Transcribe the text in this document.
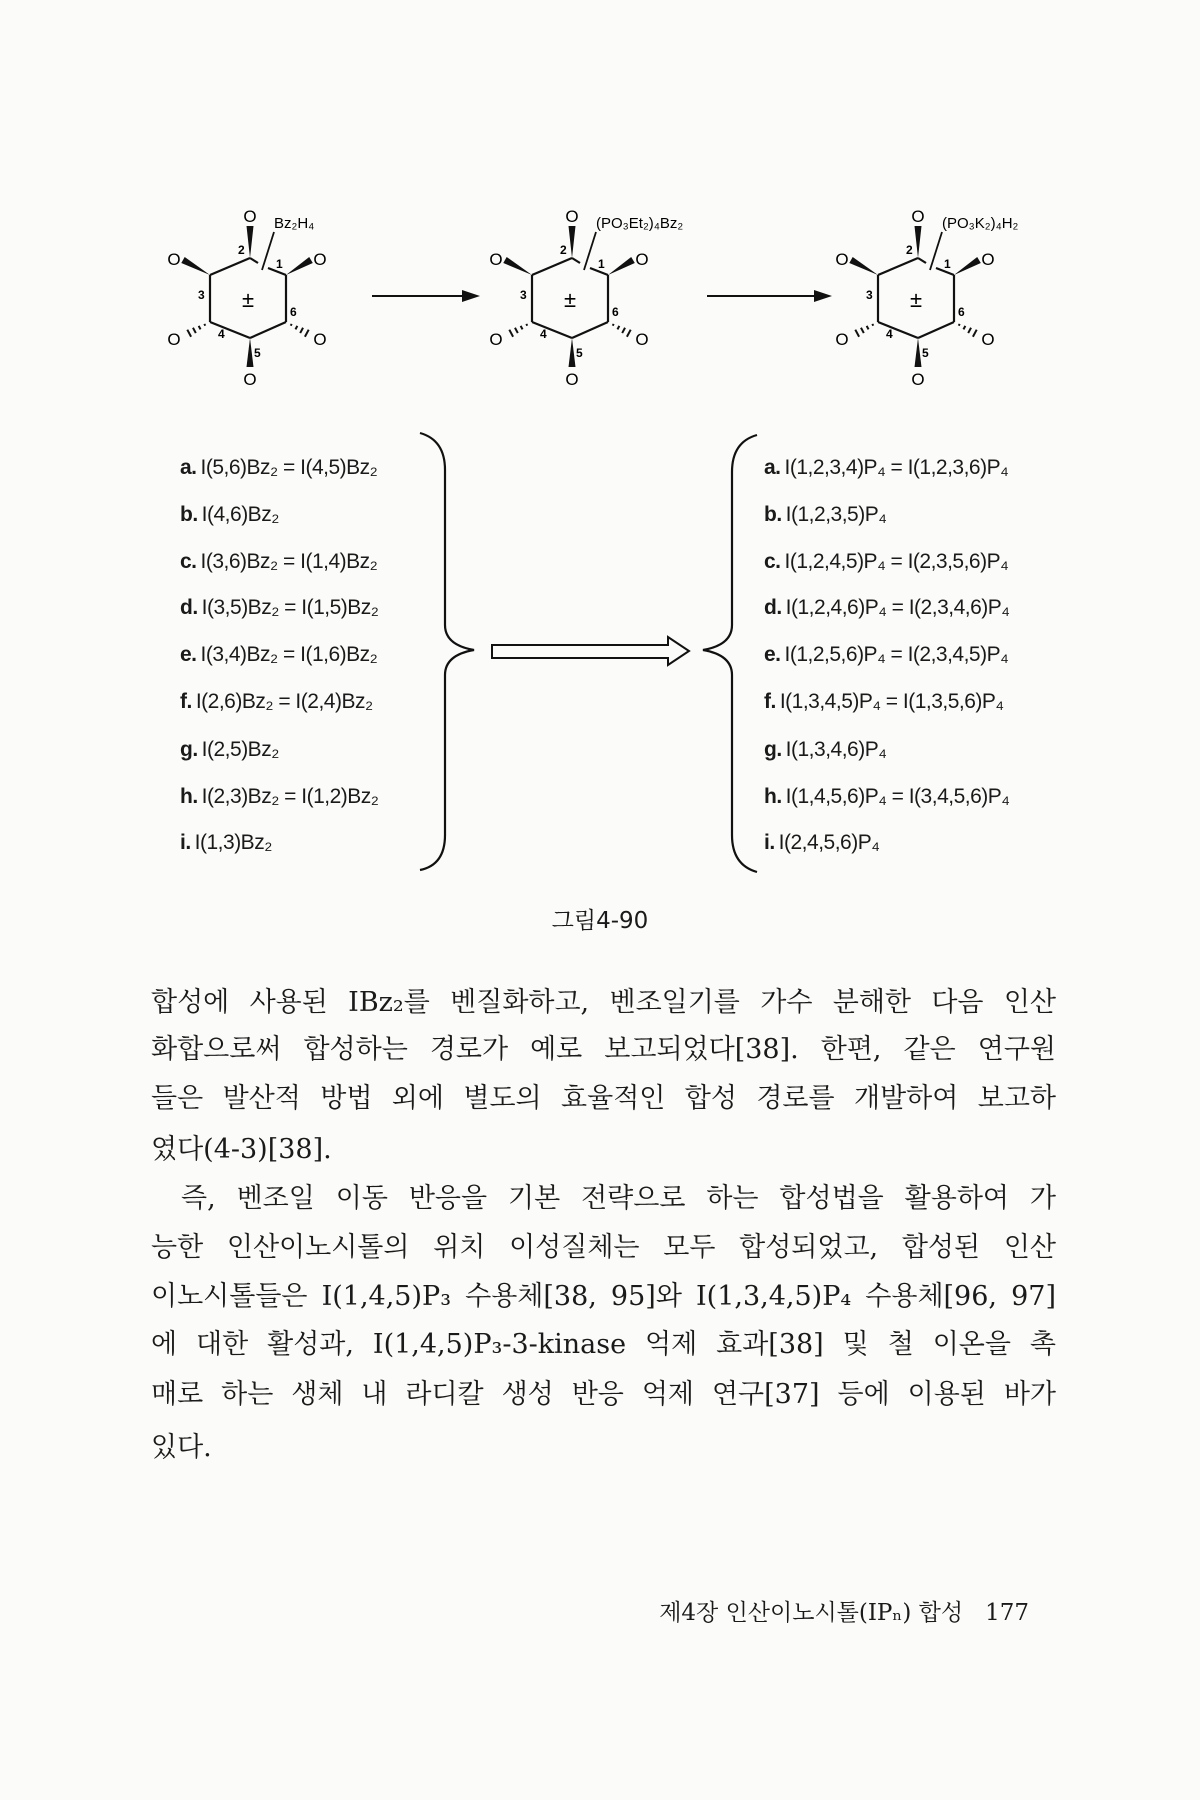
O
O	O
O	O
O
Bz₂H₄
1
2
3
4
5
6
±
O
O	O
O	O
O
(PO₃Et₂)₄Bz₂
1
2
3
4
5
6
±
O
O	O
O	O
O
(PO₃K₂)₄H₂
1
2
3
4
5
6
±
a. I(5,6)Bz₂ = I(4,5)Bz₂
b. I(4,6)Bz₂
c. I(3,6)Bz₂ = I(1,4)Bz₂
d. I(3,5)Bz₂ = I(1,5)Bz₂
e. I(3,4)Bz₂ = I(1,6)Bz₂
f. I(2,6)Bz₂ = I(2,4)Bz₂
g. I(2,5)Bz₂
h. I(2,3)Bz₂ = I(1,2)Bz₂
i. I(1,3)Bz₂
a. I(1,2,3,4)P₄ = I(1,2,3,6)P₄
b. I(1,2,3,5)P₄
c. I(1,2,4,5)P₄ = I(2,3,5,6)P₄
d. I(1,2,4,6)P₄ = I(2,3,4,6)P₄
e. I(1,2,5,6)P₄ = I(2,3,4,5)P₄
f. I(1,3,4,5)P₄ = I(1,3,5,6)P₄
g. I(1,3,4,6)P₄
h. I(1,4,5,6)P₄ = I(3,4,5,6)P₄
i. I(2,4,5,6)P₄
그림4-90
합성에 사용된 IBz₂를 벤질화하고, 벤조일기를 가수 분해한 다음 인산
화합으로써 합성하는 경로가 예로 보고되었다[38]. 한편, 같은 연구원
들은 발산적 방법 외에 별도의 효율적인 합성 경로를 개발하여 보고하
였다(4-3)[38].
즉, 벤조일 이동 반응을 기본 전략으로 하는 합성법을 활용하여 가
능한 인산이노시톨의 위치 이성질체는 모두 합성되었고, 합성된 인산
이노시톨들은 I(1,4,5)P₃ 수용체[38, 95]와 I(1,3,4,5)P₄ 수용체[96, 97]
에 대한 활성과, I(1,4,5)P₃-3-kinase 억제 효과[38] 및 철 이온을 촉
매로 하는 생체 내 라디칼 생성 반응 억제 연구[37] 등에 이용된 바가
있다.
제4장 인산이노시톨(IPₙ) 합성 177
